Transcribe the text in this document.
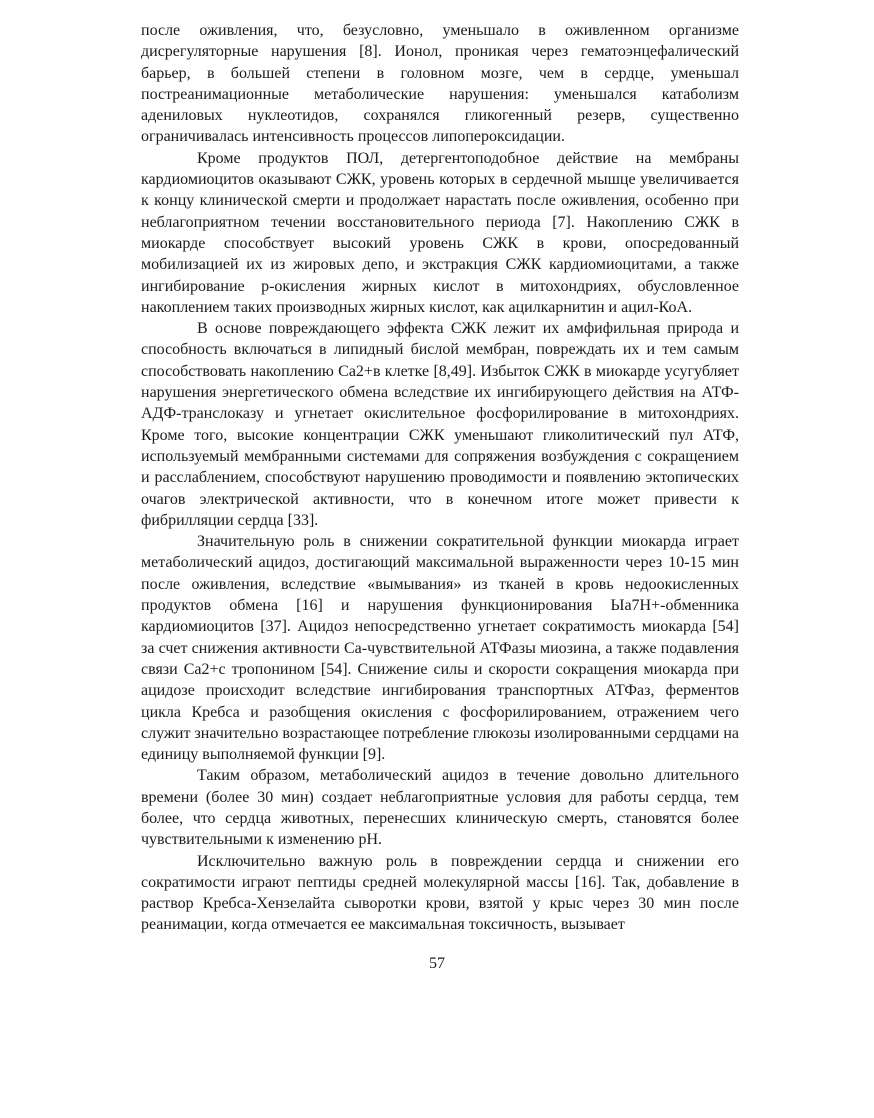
после оживления, что, безусловно, уменьшало в оживленном организме дисрегуляторные нарушения [8]. Ионол, проникая через гематоэнцефалический барьер, в большей степени в головном мозге, чем в сердце, уменьшал постреанимационные метаболические нарушения: уменьшался катаболизм адениловых нуклеотидов, сохранялся гликогенный резерв, существенно ограничивалась интенсивность процессов липопероксидации.

Кроме продуктов ПОЛ, детергентоподобное действие на мембраны кардиомиоцитов оказывают СЖК, уровень которых в сердечной мышце увеличивается к концу клинической смерти и продолжает нарастать после оживления, особенно при неблагоприятном течении восстановительного периода [7]. Накоплению СЖК в миокарде способствует высокий уровень СЖК в крови, опосредованный мобилизацией их из жировых депо, и экстракция СЖК кардиомиоцитами, а также ингибирование р-окисления жирных кислот в митохондриях, обусловленное накоплением таких производных жирных кислот, как ацилкарнитин и ацил-КоА.

В основе повреждающего эффекта СЖК лежит их амфифильная природа и способность включаться в липидный бислой мембран, повреждать их и тем самым способствовать накоплению Са2+в клетке [8,49]. Избыток СЖК в миокарде усугубляет нарушения энергетического обмена вследствие их ингибирующего действия на АТФ-АДФ-транслоказу и угнетает окислительное фосфорилирование в митохондриях. Кроме того, высокие концентрации СЖК уменьшают гликолитический пул АТФ, используемый мембранными системами для сопряжения возбуждения с сокращением и расслаблением, способствуют нарушению проводимости и появлению эктопических очагов электрической активности, что в конечном итоге может привести к фибрилляции сердца [33].

Значительную роль в снижении сократительной функции миокарда играет метаболический ацидоз, достигающий максимальной выраженности через 10-15 мин после оживления, вследствие «вымывания» из тканей в кровь недоокисленных продуктов обмена [16] и нарушения функционирования Ыа7Н+-обменника кардиомиоцитов [37]. Ацидоз непосредственно угнетает сократимость миокарда [54] за счет снижения активности Са-чувствительной АТФазы миозина, а также подавления связи Са2+с тропонином [54]. Снижение силы и скорости сокращения миокарда при ацидозе происходит вследствие ингибирования транспортных АТФаз, ферментов цикла Кребса и разобщения окисления с фосфорилированием, отражением чего служит значительно возрастающее потребление глюкозы изолированными сердцами на единицу выполняемой функции [9].

Таким образом, метаболический ацидоз в течение довольно длительного времени (более 30 мин) создает неблагоприятные условия для работы сердца, тем более, что сердца животных, перенесших клиническую смерть, становятся более чувствительными к изменению рН.

Исключительно важную роль в повреждении сердца и снижении его сократимости играют пептиды средней молекулярной массы [16]. Так, добавление в раствор Кребса-Хензелайта сыворотки крови, взятой у крыс через 30 мин после реанимации, когда отмечается ее максимальная токсичность, вызывает

57
